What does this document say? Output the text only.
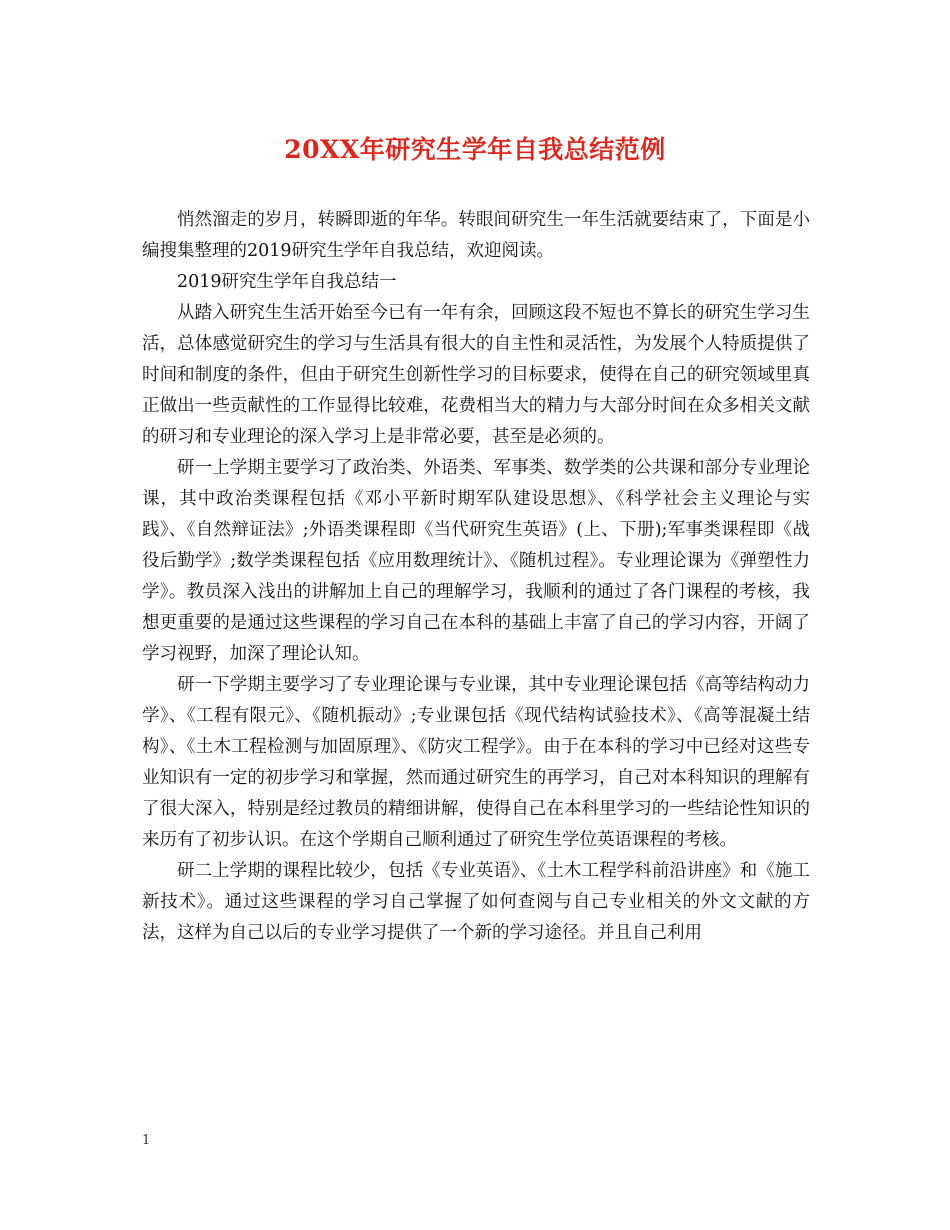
20XX年研究生学年自我总结范例

悄然溜走的岁月，转瞬即逝的年华。转眼间研究生一年生活就要结束了，下面是小编搜集整理的2019研究生学年自我总结，欢迎阅读。

2019研究生学年自我总结一

从踏入研究生生活开始至今已有一年有余，回顾这段不短也不算长的研究生学习生活，总体感觉研究生的学习与生活具有很大的自主性和灵活性，为发展个人特质提供了时间和制度的条件，但由于研究生创新性学习的目标要求，使得在自己的研究领域里真正做出一些贡献性的工作显得比较难，花费相当大的精力与大部分时间在众多相关文献的研习和专业理论的深入学习上是非常必要，甚至是必须的。

研一上学期主要学习了政治类、外语类、军事类、数学类的公共课和部分专业理论课，其中政治类课程包括《邓小平新时期军队建设思想》、《科学社会主义理论与实践》、《自然辩证法》;外语类课程即《当代研究生英语》(上、下册);军事类课程即《战役后勤学》;数学类课程包括《应用数理统计》、《随机过程》。专业理论课为《弹塑性力学》。教员深入浅出的讲解加上自己的理解学习，我顺利的通过了各门课程的考核，我想更重要的是通过这些课程的学习自己在本科的基础上丰富了自己的学习内容，开阔了学习视野，加深了理论认知。

研一下学期主要学习了专业理论课与专业课，其中专业理论课包括《高等结构动力学》、《工程有限元》、《随机振动》;专业课包括《现代结构试验技术》、《高等混凝土结构》、《土木工程检测与加固原理》、《防灾工程学》。由于在本科的学习中已经对这些专业知识有一定的初步学习和掌握，然而通过研究生的再学习，自己对本科知识的理解有了很大深入，特别是经过教员的精细讲解，使得自己在本科里学习的一些结论性知识的来历有了初步认识。在这个学期自己顺利通过了研究生学位英语课程的考核。

研二上学期的课程比较少，包括《专业英语》、《土木工程学科前沿讲座》和《施工新技术》。通过这些课程的学习自己掌握了如何查阅与自己专业相关的外文文献的方法，这样为自己以后的专业学习提供了一个新的学习途径。并且自己利用

1
